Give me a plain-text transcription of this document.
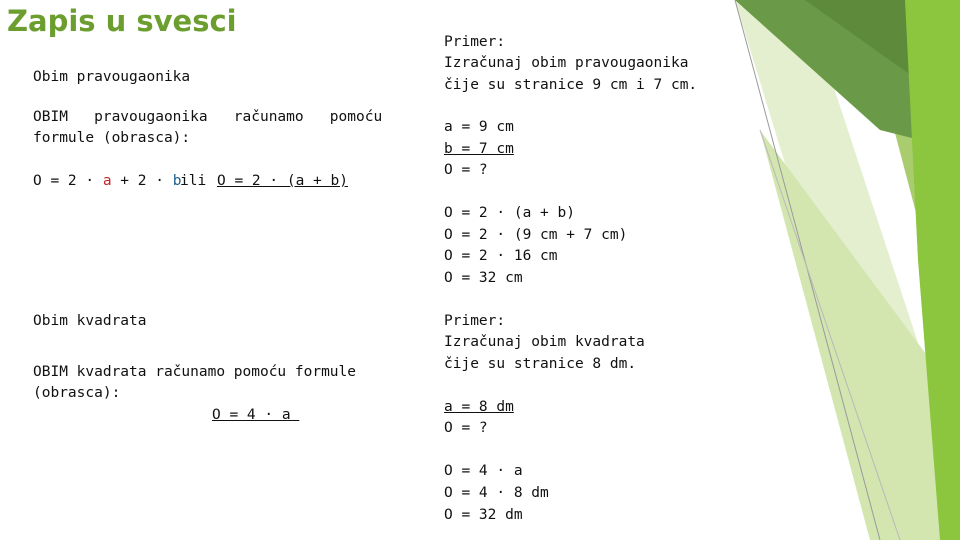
Zapis u svesci
Obim pravougaonika
OBIM   pravougaonika   računamo   pomoću
formule (obrasca):
O = 2 · a + 2 · b
ili O = 2 · (a + b)
Obim kvadrata
OBIM kvadrata računamo pomoću formule
(obrasca):
O = 4 · a
Primer:
Izračunaj obim pravougaonika
čije su stranice 9 cm i 7 cm.
a = 9 cm
b = 7 cm
O = ?
O = 2 · (a + b)
O = 2 · (9 cm + 7 cm)
O = 2 · 16 cm
O = 32 cm
Primer:
Izračunaj obim kvadrata
čije su stranice 8 dm.
a = 8 dm
O = ?
O = 4 · a
O = 4 · 8 dm
O = 32 dm
